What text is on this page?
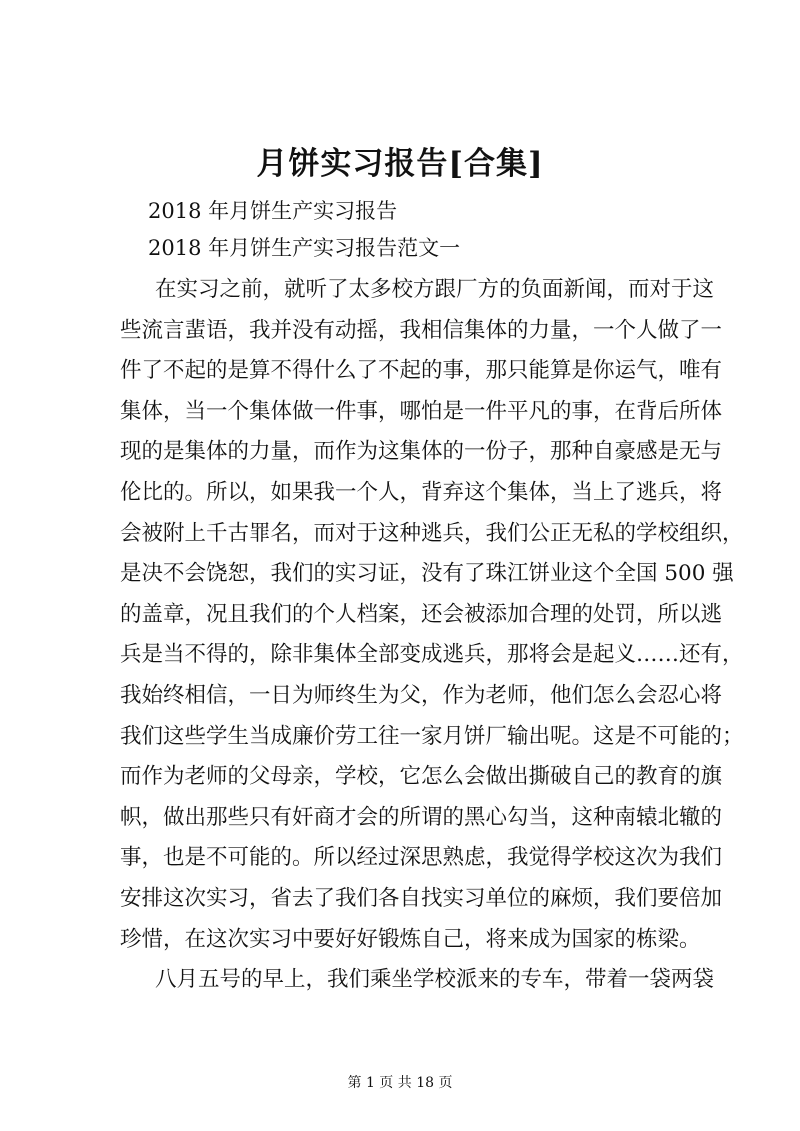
月饼实习报告[合集]
2018 年月饼生产实习报告
2018 年月饼生产实习报告范文一
在实习之前，就听了太多校方跟厂方的负面新闻，而对于这
些流言蜚语，我并没有动摇，我相信集体的力量，一个人做了一
件了不起的是算不得什么了不起的事，那只能算是你运气，唯有
集体，当一个集体做一件事，哪怕是一件平凡的事，在背后所体
现的是集体的力量，而作为这集体的一份子，那种自豪感是无与
伦比的。所以，如果我一个人，背弃这个集体，当上了逃兵，将
会被附上千古罪名，而对于这种逃兵，我们公正无私的学校组织，
是决不会饶恕，我们的实习证，没有了珠江饼业这个全国 500 强
的盖章，况且我们的个人档案，还会被添加合理的处罚，所以逃
兵是当不得的，除非集体全部变成逃兵，那将会是起义……还有，
我始终相信，一日为师终生为父，作为老师，他们怎么会忍心将
我们这些学生当成廉价劳工往一家月饼厂输出呢。这是不可能的；
而作为老师的父母亲，学校，它怎么会做出撕破自己的教育的旗
帜，做出那些只有奸商才会的所谓的黑心勾当，这种南辕北辙的
事，也是不可能的。所以经过深思熟虑，我觉得学校这次为我们
安排这次实习，省去了我们各自找实习单位的麻烦，我们要倍加
珍惜，在这次实习中要好好锻炼自己，将来成为国家的栋梁。
八月五号的早上，我们乘坐学校派来的专车，带着一袋两袋
第 1 页 共 18 页
